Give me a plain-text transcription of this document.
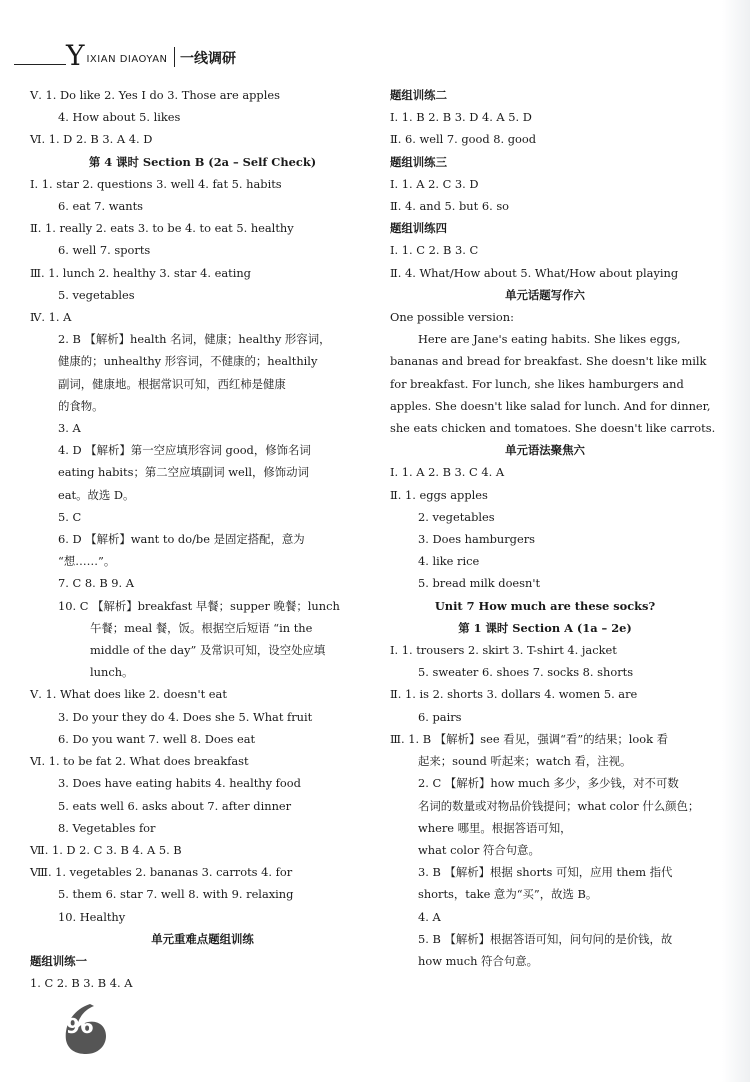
Y IXIAN DIAOYAN 一线调研
Ⅴ. 1. Do like 2. Yes I do 3. Those are apples
4. How about 5. likes
Ⅵ. 1. D 2. B 3. A 4. D
第 4 课时 Section B (2a – Self Check)
Ⅰ. 1. star 2. questions 3. well 4. fat 5. habits
6. eat 7. wants
Ⅱ. 1. really 2. eats 3. to be 4. to eat 5. healthy
6. well 7. sports
Ⅲ. 1. lunch 2. healthy 3. star 4. eating
5. vegetables
Ⅳ. 1. A
2. B 【解析】health 名词，健康；healthy 形容词，
健康的；unhealthy 形容词，不健康的；healthily
副词，健康地。根据常识可知，西红柿是健康
的食物。
3. A
4. D 【解析】第一空应填形容词 good，修饰名词
eating habits；第二空应填副词 well，修饰动词
eat。故选 D。
5. C
6. D 【解析】want to do/be 是固定搭配，意为
“想……”。
7. C 8. B 9. A
10. C 【解析】breakfast 早餐；supper 晚餐；lunch
午餐；meal 餐，饭。根据空后短语 “in the
middle of the day” 及常识可知，设空处应填
lunch。
Ⅴ. 1. What does like 2. doesn't eat
3. Do your they do 4. Does she 5. What fruit
6. Do you want 7. well 8. Does eat
Ⅵ. 1. to be fat 2. What does breakfast
3. Does have eating habits 4. healthy food
5. eats well 6. asks about 7. after dinner
8. Vegetables for
Ⅶ. 1. D 2. C 3. B 4. A 5. B
Ⅷ. 1. vegetables 2. bananas 3. carrots 4. for
5. them 6. star 7. well 8. with 9. relaxing
10. Healthy
单元重难点题组训练
题组训练一
1. C 2. B 3. B 4. A
题组训练二
Ⅰ. 1. B 2. B 3. D 4. A 5. D
Ⅱ. 6. well 7. good 8. good
题组训练三
Ⅰ. 1. A 2. C 3. D
Ⅱ. 4. and 5. but 6. so
题组训练四
Ⅰ. 1. C 2. B 3. C
Ⅱ. 4. What/How about 5. What/How about playing
单元话题写作六
One possible version:
Here are Jane's eating habits. She likes eggs,
bananas and bread for breakfast. She doesn't like milk
for breakfast. For lunch, she likes hamburgers and
apples. She doesn't like salad for lunch. And for dinner,
she eats chicken and tomatoes. She doesn't like carrots.
单元语法聚焦六
Ⅰ. 1. A 2. B 3. C 4. A
Ⅱ. 1. eggs apples
2. vegetables
3. Does hamburgers
4. like rice
5. bread milk doesn't
Unit 7 How much are these socks?
第 1 课时 Section A (1a – 2e)
Ⅰ. 1. trousers 2. skirt 3. T-shirt 4. jacket
5. sweater 6. shoes 7. socks 8. shorts
Ⅱ. 1. is 2. shorts 3. dollars 4. women 5. are
6. pairs
Ⅲ. 1. B 【解析】see 看见，强调“看”的结果；look 看
起来；sound 听起来；watch 看，注视。
2. C 【解析】how much 多少，多少钱，对不可数
名词的数量或对物品价钱提问；what color 什么颜色；where 哪里。根据答语可知，
what color 符合句意。
3. B 【解析】根据 shorts 可知，应用 them 指代
shorts，take 意为“买”，故选 B。
4. A
5. B 【解析】根据答语可知，问句问的是价钱，故
how much 符合句意。
96
